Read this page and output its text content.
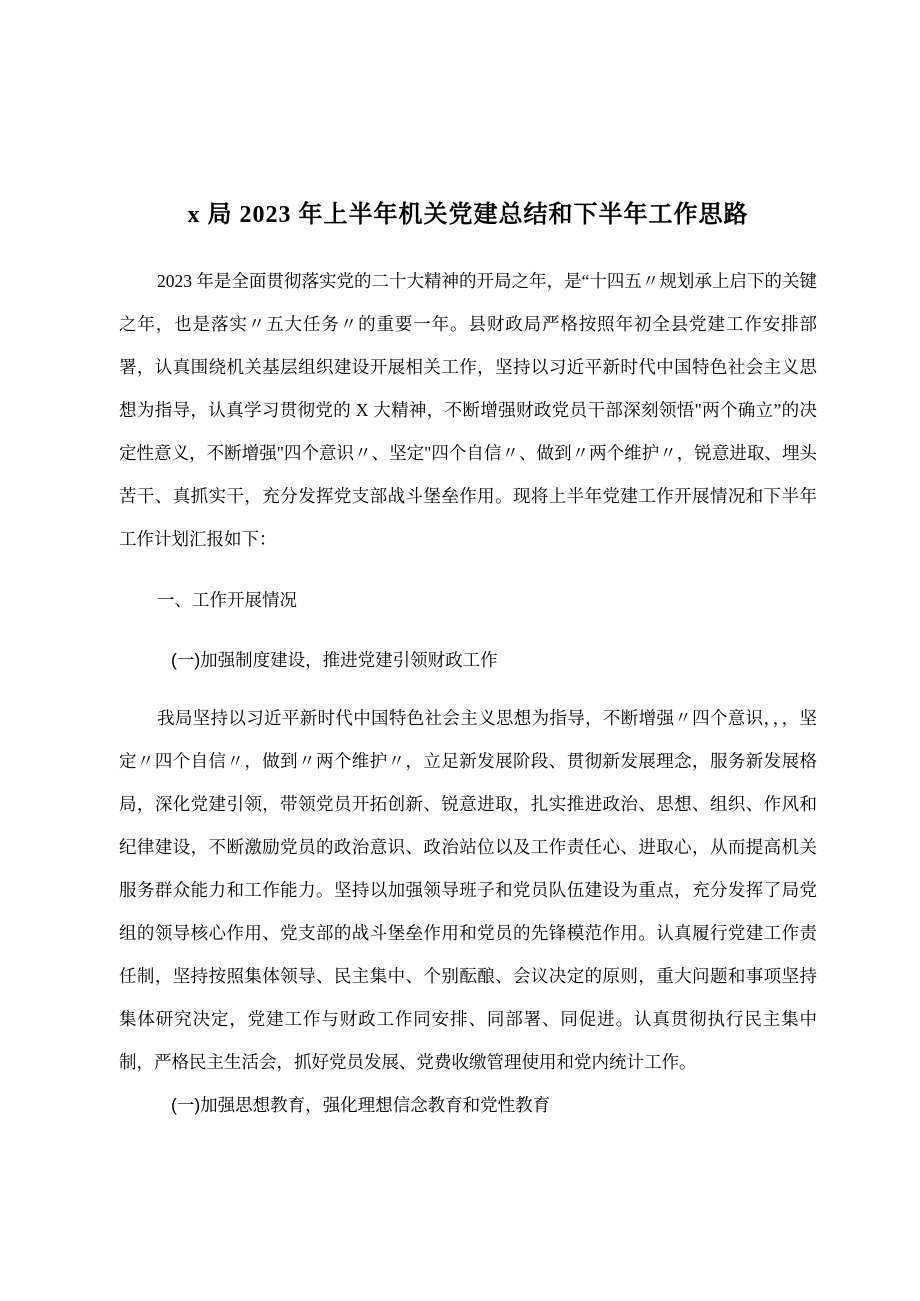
x 局 2023 年上半年机关党建总结和下半年工作思路

2023 年是全面贯彻落实党的二十大精神的开局之年，是“十四五〃规划承上启下的关键之年，也是落实〃五大任务〃的重要一年。县财政局严格按照年初全县党建工作安排部署，认真围绕机关基层组织建设开展相关工作，坚持以习近平新时代中国特色社会主义思想为指导，认真学习贯彻党的 X 大精神，不断增强财政党员干部深刻领悟"两个确立”的决定性意义，不断增强"四个意识〃、坚定"四个自信〃、做到〃两个维护〃，锐意进取、埋头苦干、真抓实干，充分发挥党支部战斗堡垒作用。现将上半年党建工作开展情况和下半年工作计划汇报如下：

一、工作开展情况
(一)加强制度建设，推进党建引领财政工作

我局坚持以习近平新时代中国特色社会主义思想为指导，不断增强〃四个意识，，，坚定〃四个自信〃，做到〃两个维护〃，立足新发展阶段、贯彻新发展理念，服务新发展格局，深化党建引领，带领党员开拓创新、锐意进取，扎实推进政治、思想、组织、作风和纪律建设，不断激励党员的政治意识、政治站位以及工作责任心、进取心，从而提高机关服务群众能力和工作能力。坚持以加强领导班子和党员队伍建设为重点，充分发挥了局党组的领导核心作用、党支部的战斗堡垒作用和党员的先锋模范作用。认真履行党建工作责任制，坚持按照集体领导、民主集中、个别酝酿、会议决定的原则，重大问题和事项坚持集体研究决定，党建工作与财政工作同安排、同部署、同促进。认真贯彻执行民主集中制，严格民主生活会，抓好党员发展、党费收缴管理使用和党内统计工作。

(一)加强思想教育，强化理想信念教育和党性教育
